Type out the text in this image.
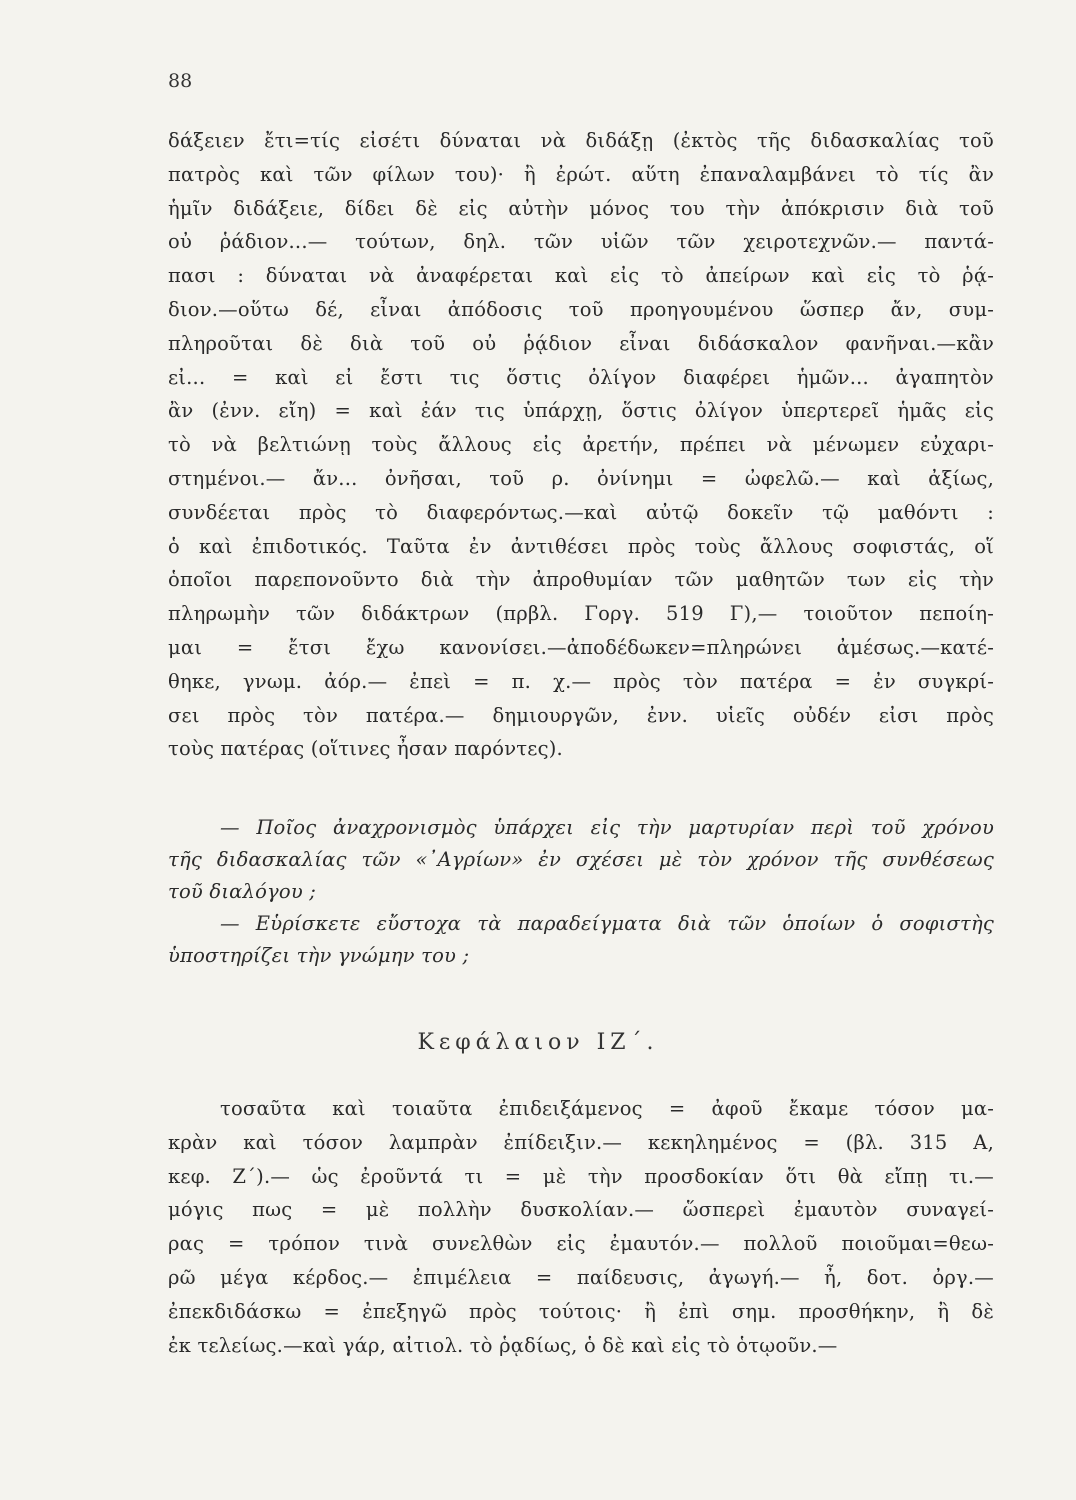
88
δάξειεν ἔτι=τίς εἰσέτι δύναται νὰ διδάξῃ (ἐκτὸς τῆς διδασκαλίας τοῦ
πατρὸς καὶ τῶν φίλων του)· ἢ ἐρώτ. αὕτη ἐπαναλαμβάνει τὸ τίς ἂν
ἡμῖν διδάξειε, δίδει δὲ εἰς αὐτὴν μόνος του τὴν ἀπόκρισιν διὰ τοῦ
οὐ ῥάδιον...— τούτων, δηλ. τῶν υἱῶν τῶν χειροτεχνῶν.— παντά-
πασι : δύναται νὰ ἀναφέρεται καὶ εἰς τὸ ἀπείρων καὶ εἰς τὸ ῥᾴ-
διον.—οὕτω δέ, εἶναι ἀπόδοσις τοῦ προηγουμένου ὥσπερ ἄν, συμ-
πληροῦται δὲ διὰ τοῦ οὐ ῥᾴδιον εἶναι διδάσκαλον φανῆναι.—κἂν
εἰ... = καὶ εἰ ἔστι τις ὅστις ὀλίγον διαφέρει ἡμῶν... ἀγαπητὸν
ἂν (ἐνν. εἴη) = καὶ ἐάν τις ὑπάρχῃ, ὅστις ὀλίγον ὑπερτερεῖ ἡμᾶς εἰς
τὸ νὰ βελτιώνῃ τοὺς ἄλλους εἰς ἀρετήν, πρέπει νὰ μένωμεν εὐχαρι-
στημένοι.— ἄν... ὀνῆσαι, τοῦ ρ. ὀνίνημι = ὠφελῶ.— καὶ ἀξίως,
συνδέεται πρὸς τὸ διαφερόντως.—καὶ αὐτῷ δοκεῖν τῷ μαθόντι :
ὁ καὶ ἐπιδοτικός. Ταῦτα ἐν ἀντιθέσει πρὸς τοὺς ἄλλους σοφιστάς, οἵ
ὁποῖοι παρεπονοῦντο διὰ τὴν ἀπροθυμίαν τῶν μαθητῶν των εἰς τὴν
πληρωμὴν τῶν διδάκτρων (πρβλ. Γοργ. 519 Γ),— τοιοῦτον πεποίη-
μαι = ἔτσι ἔχω κανονίσει.—ἀποδέδωκεν=πληρώνει ἀμέσως.—κατέ-
θηκε, γνωμ. ἀόρ.— ἐπεὶ = π. χ.— πρὸς τὸν πατέρα = ἐν συγκρί-
σει πρὸς τὸν πατέρα.— δημιουργῶν, ἐνν. υἱεῖς οὐδέν εἰσι πρὸς
τοὺς πατέρας (οἵτινες ἦσαν παρόντες).
— Ποῖος ἀναχρονισμὸς ὑπάρχει εἰς τὴν μαρτυρίαν περὶ τοῦ χρόνου
τῆς διδασκαλίας τῶν «᾿Αγρίων» ἐν σχέσει μὲ τὸν χρόνον τῆς συνθέσεως
τοῦ διαλόγου ;
— Εὑρίσκετε εὔστοχα τὰ παραδείγματα διὰ τῶν ὁποίων ὁ σοφιστὴς
ὑποστηρίζει τὴν γνώμην του ;
Κεφάλαιον ΙΖ΄.
τοσαῦτα καὶ τοιαῦτα ἐπιδειξάμενος = ἀφοῦ ἔκαμε τόσον μα-
κρὰν καὶ τόσον λαμπρὰν ἐπίδειξιν.— κεκηλημένος = (βλ. 315 Α,
κεφ. Ζ΄).— ὡς ἐροῦντά τι = μὲ τὴν προσδοκίαν ὅτι θὰ εἴπῃ τι.—
μόγις πως = μὲ πολλὴν δυσκολίαν.— ὥσπερεὶ ἐμαυτὸν συναγεί-
ρας = τρόπον τινὰ συνελθὼν εἰς ἐμαυτόν.— πολλοῦ ποιοῦμαι=θεω-
ρῶ μέγα κέρδος.— ἐπιμέλεια = παίδευσις, ἀγωγή.— ἦ, δοτ. ὀργ.—
ἐπεκδιδάσκω = ἐπεξηγῶ πρὸς τούτοις· ἢ ἐπὶ σημ. προσθήκην, ἢ δὲ
ἐκ τελείως.—καὶ γάρ, αἰτιολ. τὸ ῥᾳδίως, ὁ δὲ καὶ εἰς τὸ ὁτῳοῦν.—
